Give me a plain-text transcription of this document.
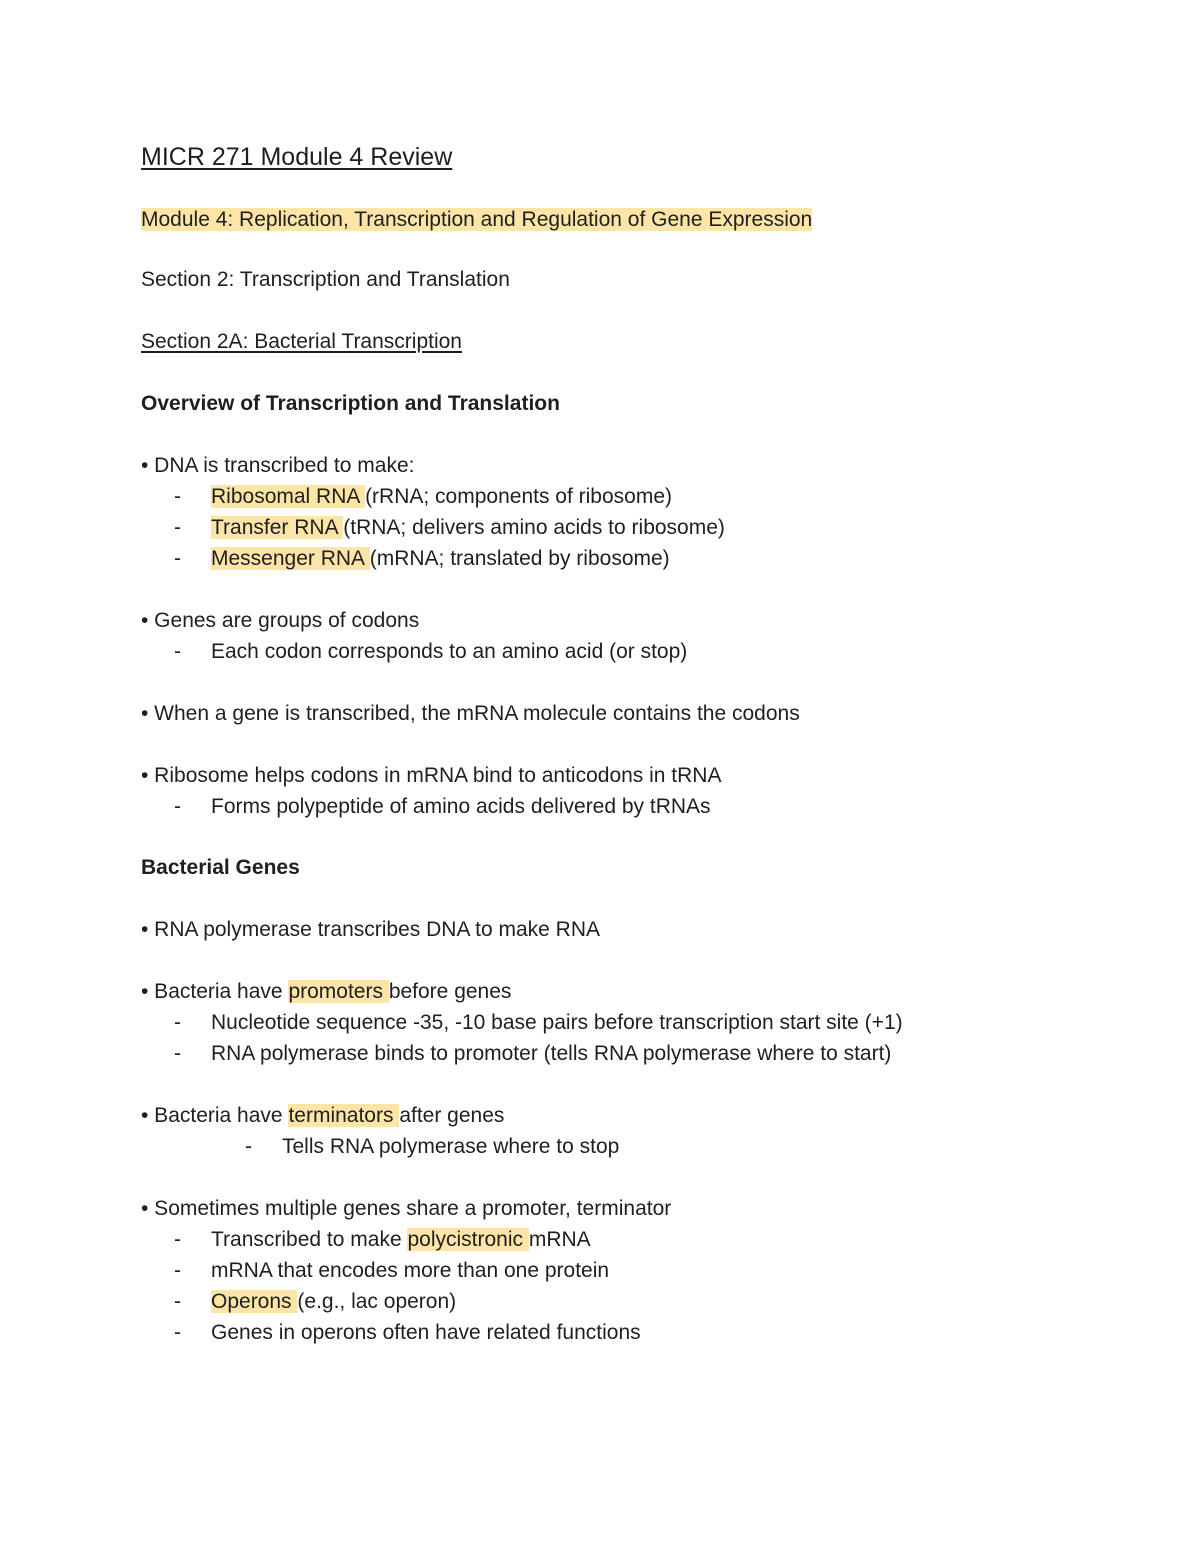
MICR 271 Module 4 Review
Module 4: Replication, Transcription and Regulation of Gene Expression
Section 2: Transcription and Translation
Section 2A: Bacterial Transcription
Overview of Transcription and Translation
• DNA is transcribed to make:
- Ribosomal RNA (rRNA; components of ribosome)
- Transfer RNA (tRNA; delivers amino acids to ribosome)
- Messenger RNA (mRNA; translated by ribosome)
• Genes are groups of codons
- Each codon corresponds to an amino acid (or stop)
• When a gene is transcribed, the mRNA molecule contains the codons
• Ribosome helps codons in mRNA bind to anticodons in tRNA
- Forms polypeptide of amino acids delivered by tRNAs
Bacterial Genes
• RNA polymerase transcribes DNA to make RNA
• Bacteria have promoters before genes
- Nucleotide sequence -35, -10 base pairs before transcription start site (+1)
- RNA polymerase binds to promoter (tells RNA polymerase where to start)
• Bacteria have terminators after genes
- Tells RNA polymerase where to stop
• Sometimes multiple genes share a promoter, terminator
- Transcribed to make polycistronic mRNA
- mRNA that encodes more than one protein
- Operons (e.g., lac operon)
- Genes in operons often have related functions
